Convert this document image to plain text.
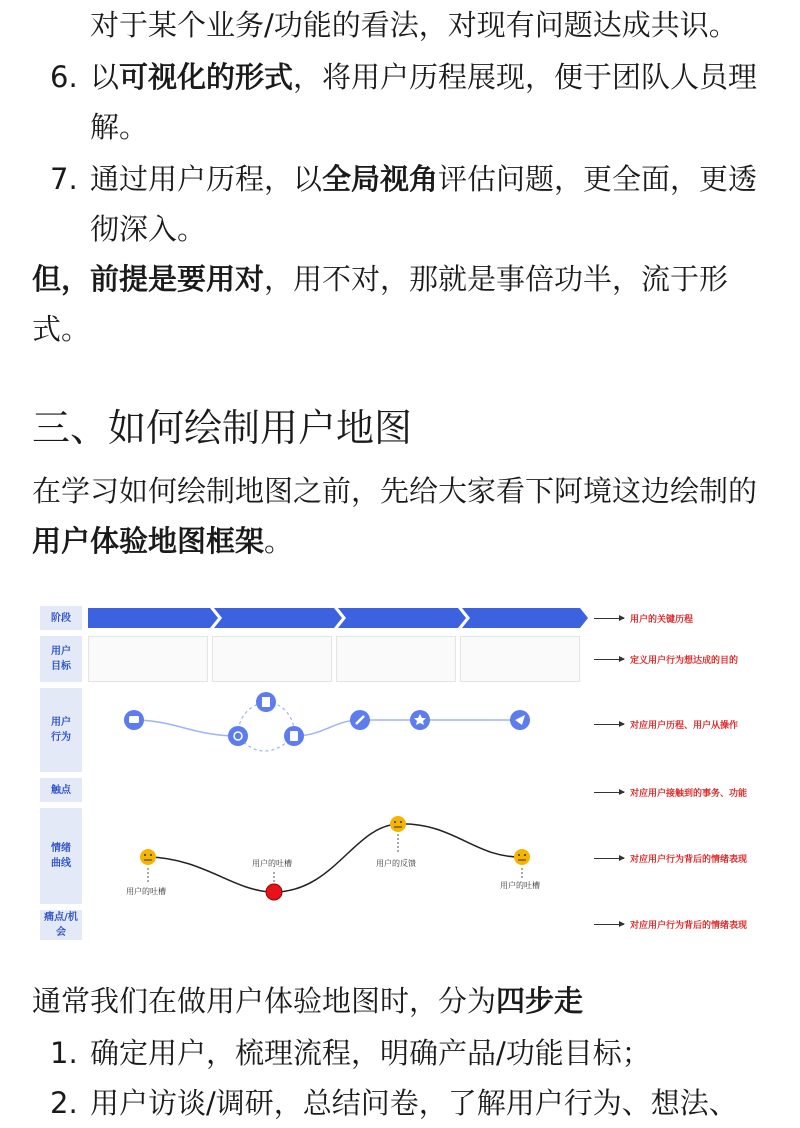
对于某个业务/功能的看法，对现有问题达成共识。
6. 以可视化的形式，将用户历程展现，便于团队人员理解。
7. 通过用户历程，以全局视角评估问题，更全面，更透彻深入。

但，前提是要用对，用不对，那就是事倍功半，流于形式。

三、如何绘制用户地图

在学习如何绘制地图之前，先给大家看下阿境这边绘制的用户体验地图框架。

阶段
用户
目标
用户
行为
触点
情绪
曲线
痛点/机
会
用户的吐槽
用户的吐槽	用户的反馈
用户的吐槽
用户的关键历程
定义用户行为想达成的目的
对应用户历程、用户从操作
对应用户接触到的事务、功能
对应用户行为背后的情绪表现
对应用户行为背后的情绪表现

通常我们在做用户体验地图时，分为四步走

1. 确定用户，梳理流程，明确产品/功能目标；
2. 用户访谈/调研，总结问卷，了解用户行为、想法、
